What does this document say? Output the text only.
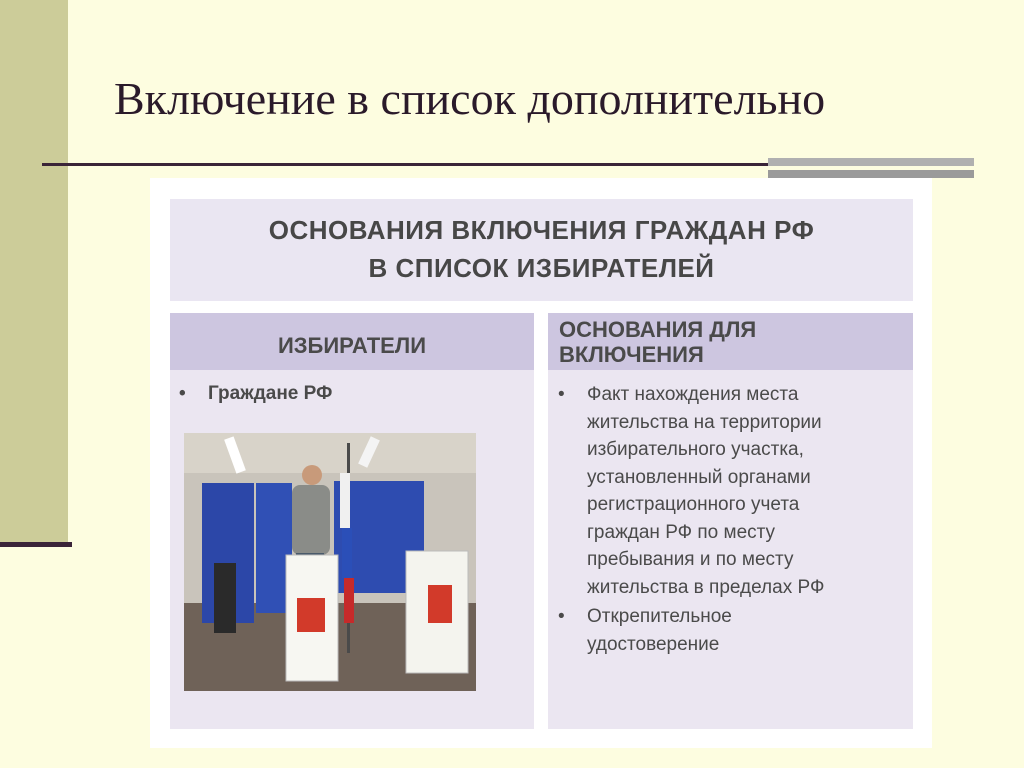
Включение в список дополнительно
ОСНОВАНИЯ ВКЛЮЧЕНИЯ ГРАЖДАН РФ
В СПИСОК ИЗБИРАТЕЛЕЙ
ИЗБИРАТЕЛИ
•	Граждане РФ
ОСНОВАНИЯ ДЛЯ
ВКЛЮЧЕНИЯ
• Факт нахождения места
жительства на территории
избирательного участка,
установленный органами
регистрационного учета
граждан РФ по месту
пребывания и по месту
жительства в пределах РФ
• Открепительное
удостоверение
